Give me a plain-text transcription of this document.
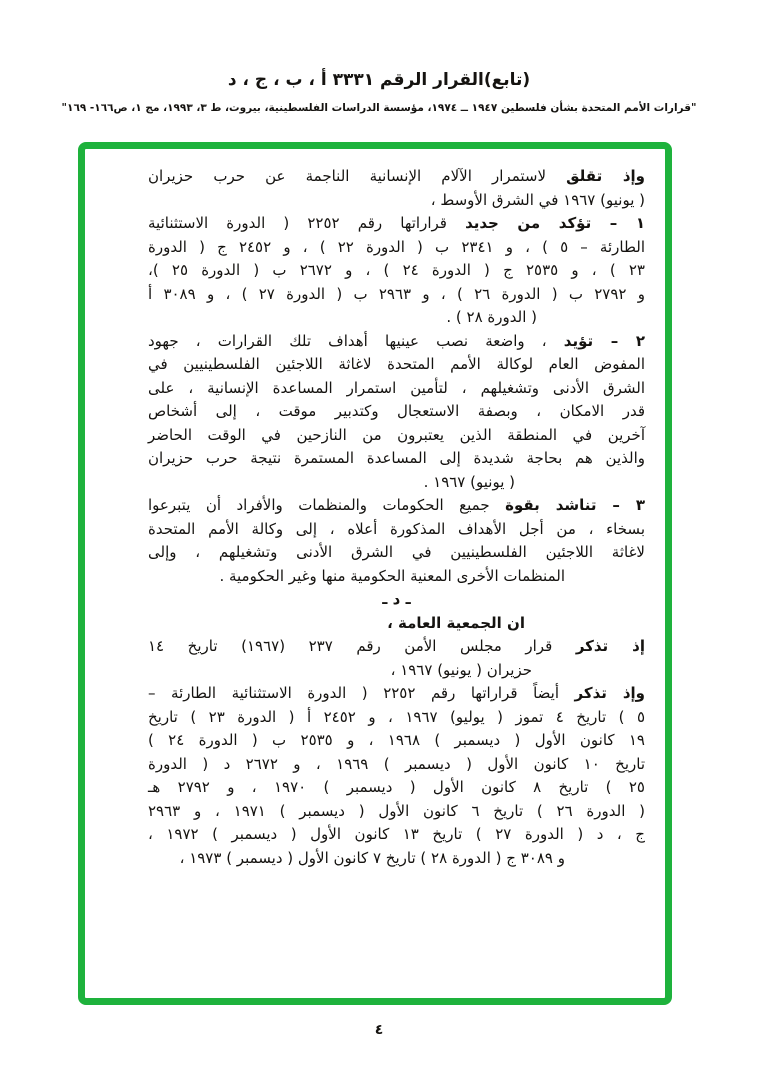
(تابع)القرار الرقم ٣٣٣١ أ ، ب ، ج ، د
"قرارات الأمم المتحدة بشأن فلسطين ١٩٤٧ ــ ١٩٧٤، مؤسسة الدراسات الفلسطينية، بيروت، ط ٣، ١٩٩٣، مج ١، ص١٦٦- ١٦٩"
وإذ تقلق لاستمرار الآلام الإنسانية الناجمة عن حرب حزيران
( يونيو) ١٩٦٧ في الشرق الأوسط ،
١ – تؤكد من جديد قراراتها رقم ٢٢٥٢ ( الدورة الاستثنائية
الطارئة – ٥ ) ، و ٢٣٤١ ب ( الدورة ٢٢ ) ، و ٢٤٥٢ ج ( الدورة
٢٣ ) ، و ٢٥٣٥ ج ( الدورة ٢٤ ) ، و ٢٦٧٢ ب ( الدورة ٢٥ )،
و ٢٧٩٢ ب ( الدورة ٢٦ ) ، و ٢٩٦٣ ب ( الدورة ٢٧ ) ، و ٣٠٨٩ أ
( الدورة ٢٨ ) .
٢ – تؤيد ، واضعة نصب عينيها أهداف تلك القرارات ، جهود
المفوض العام لوكالة الأمم المتحدة لاغاثة اللاجئين الفلسطينيين في
الشرق الأدنى وتشغيلهم ، لتأمين استمرار المساعدة الإنسانية ، على
قدر الامكان ، وبصفة الاستعجال وكتدبير موقت ، إلى أشخاص
آخرين في المنطقة الذين يعتبرون من النازحين في الوقت الحاضر
والذين هم بحاجة شديدة إلى المساعدة المستمرة نتيجة حرب حزيران
( يونيو) ١٩٦٧ .
٣ – تناشد بقوة جميع الحكومات والمنظمات والأفراد أن يتبرعوا
بسخاء ، من أجل الأهداف المذكورة أعلاه ، إلى وكالة الأمم المتحدة
لاغاثة اللاجئين الفلسطينيين في الشرق الأدنى وتشغيلهم ، وإلى
المنظمات الأخرى المعنية الحكومية منها وغير الحكومية .
ـ د ـ
ان الجمعية العامة ،
إذ تذكر قرار مجلس الأمن رقم ٢٣٧ (١٩٦٧) تاريخ ١٤
حزيران ( يونيو) ١٩٦٧ ،
وإذ تذكر أيضاً قراراتها رقم ٢٢٥٢ ( الدورة الاستثنائية الطارئة –
٥ ) تاريخ ٤ تموز ( يوليو) ١٩٦٧ ، و ٢٤٥٢ أ ( الدورة ٢٣ ) تاريخ
١٩ كانون الأول ( ديسمبر ) ١٩٦٨ ، و ٢٥٣٥ ب ( الدورة ٢٤ )
تاريخ ١٠ كانون الأول ( ديسمبر ) ١٩٦٩ ، و ٢٦٧٢ د ( الدورة
٢٥ ) تاريخ ٨ كانون الأول ( ديسمبر ) ١٩٧٠ ، و ٢٧٩٢ هـ
( الدورة ٢٦ ) تاريخ ٦ كانون الأول ( ديسمبر ) ١٩٧١ ، و ٢٩٦٣
ج ، د ( الدورة ٢٧ ) تاريخ ١٣ كانون الأول ( ديسمبر ) ١٩٧٢ ،
و ٣٠٨٩ ج ( الدورة ٢٨ ) تاريخ ٧ كانون الأول ( ديسمبر ) ١٩٧٣ ،
٤
